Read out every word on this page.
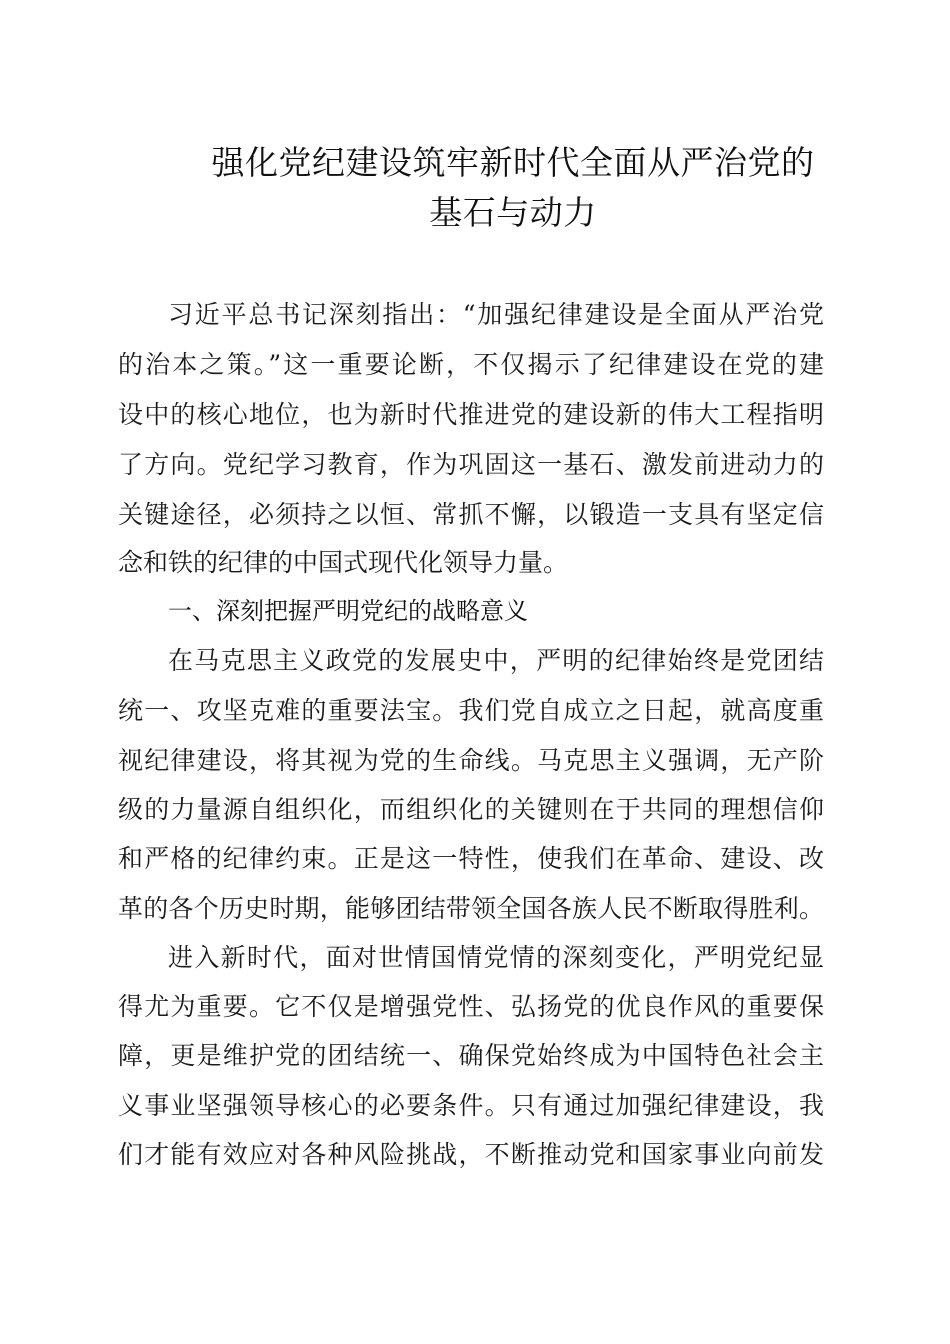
强化党纪建设筑牢新时代全面从严治党的
基石与动力
习近平总书记深刻指出：“加强纪律建设是全面从严治党
的治本之策。”这一重要论断，不仅揭示了纪律建设在党的建
设中的核心地位，也为新时代推进党的建设新的伟大工程指明
了方向。党纪学习教育，作为巩固这一基石、激发前进动力的
关键途径，必须持之以恒、常抓不懈，以锻造一支具有坚定信
念和铁的纪律的中国式现代化领导力量。
一、深刻把握严明党纪的战略意义
在马克思主义政党的发展史中，严明的纪律始终是党团结
统一、攻坚克难的重要法宝。我们党自成立之日起，就高度重
视纪律建设，将其视为党的生命线。马克思主义强调，无产阶
级的力量源自组织化，而组织化的关键则在于共同的理想信仰
和严格的纪律约束。正是这一特性，使我们在革命、建设、改
革的各个历史时期，能够团结带领全国各族人民不断取得胜利。
进入新时代，面对世情国情党情的深刻变化，严明党纪显
得尤为重要。它不仅是增强党性、弘扬党的优良作风的重要保
障，更是维护党的团结统一、确保党始终成为中国特色社会主
义事业坚强领导核心的必要条件。只有通过加强纪律建设，我
们才能有效应对各种风险挑战，不断推动党和国家事业向前发
